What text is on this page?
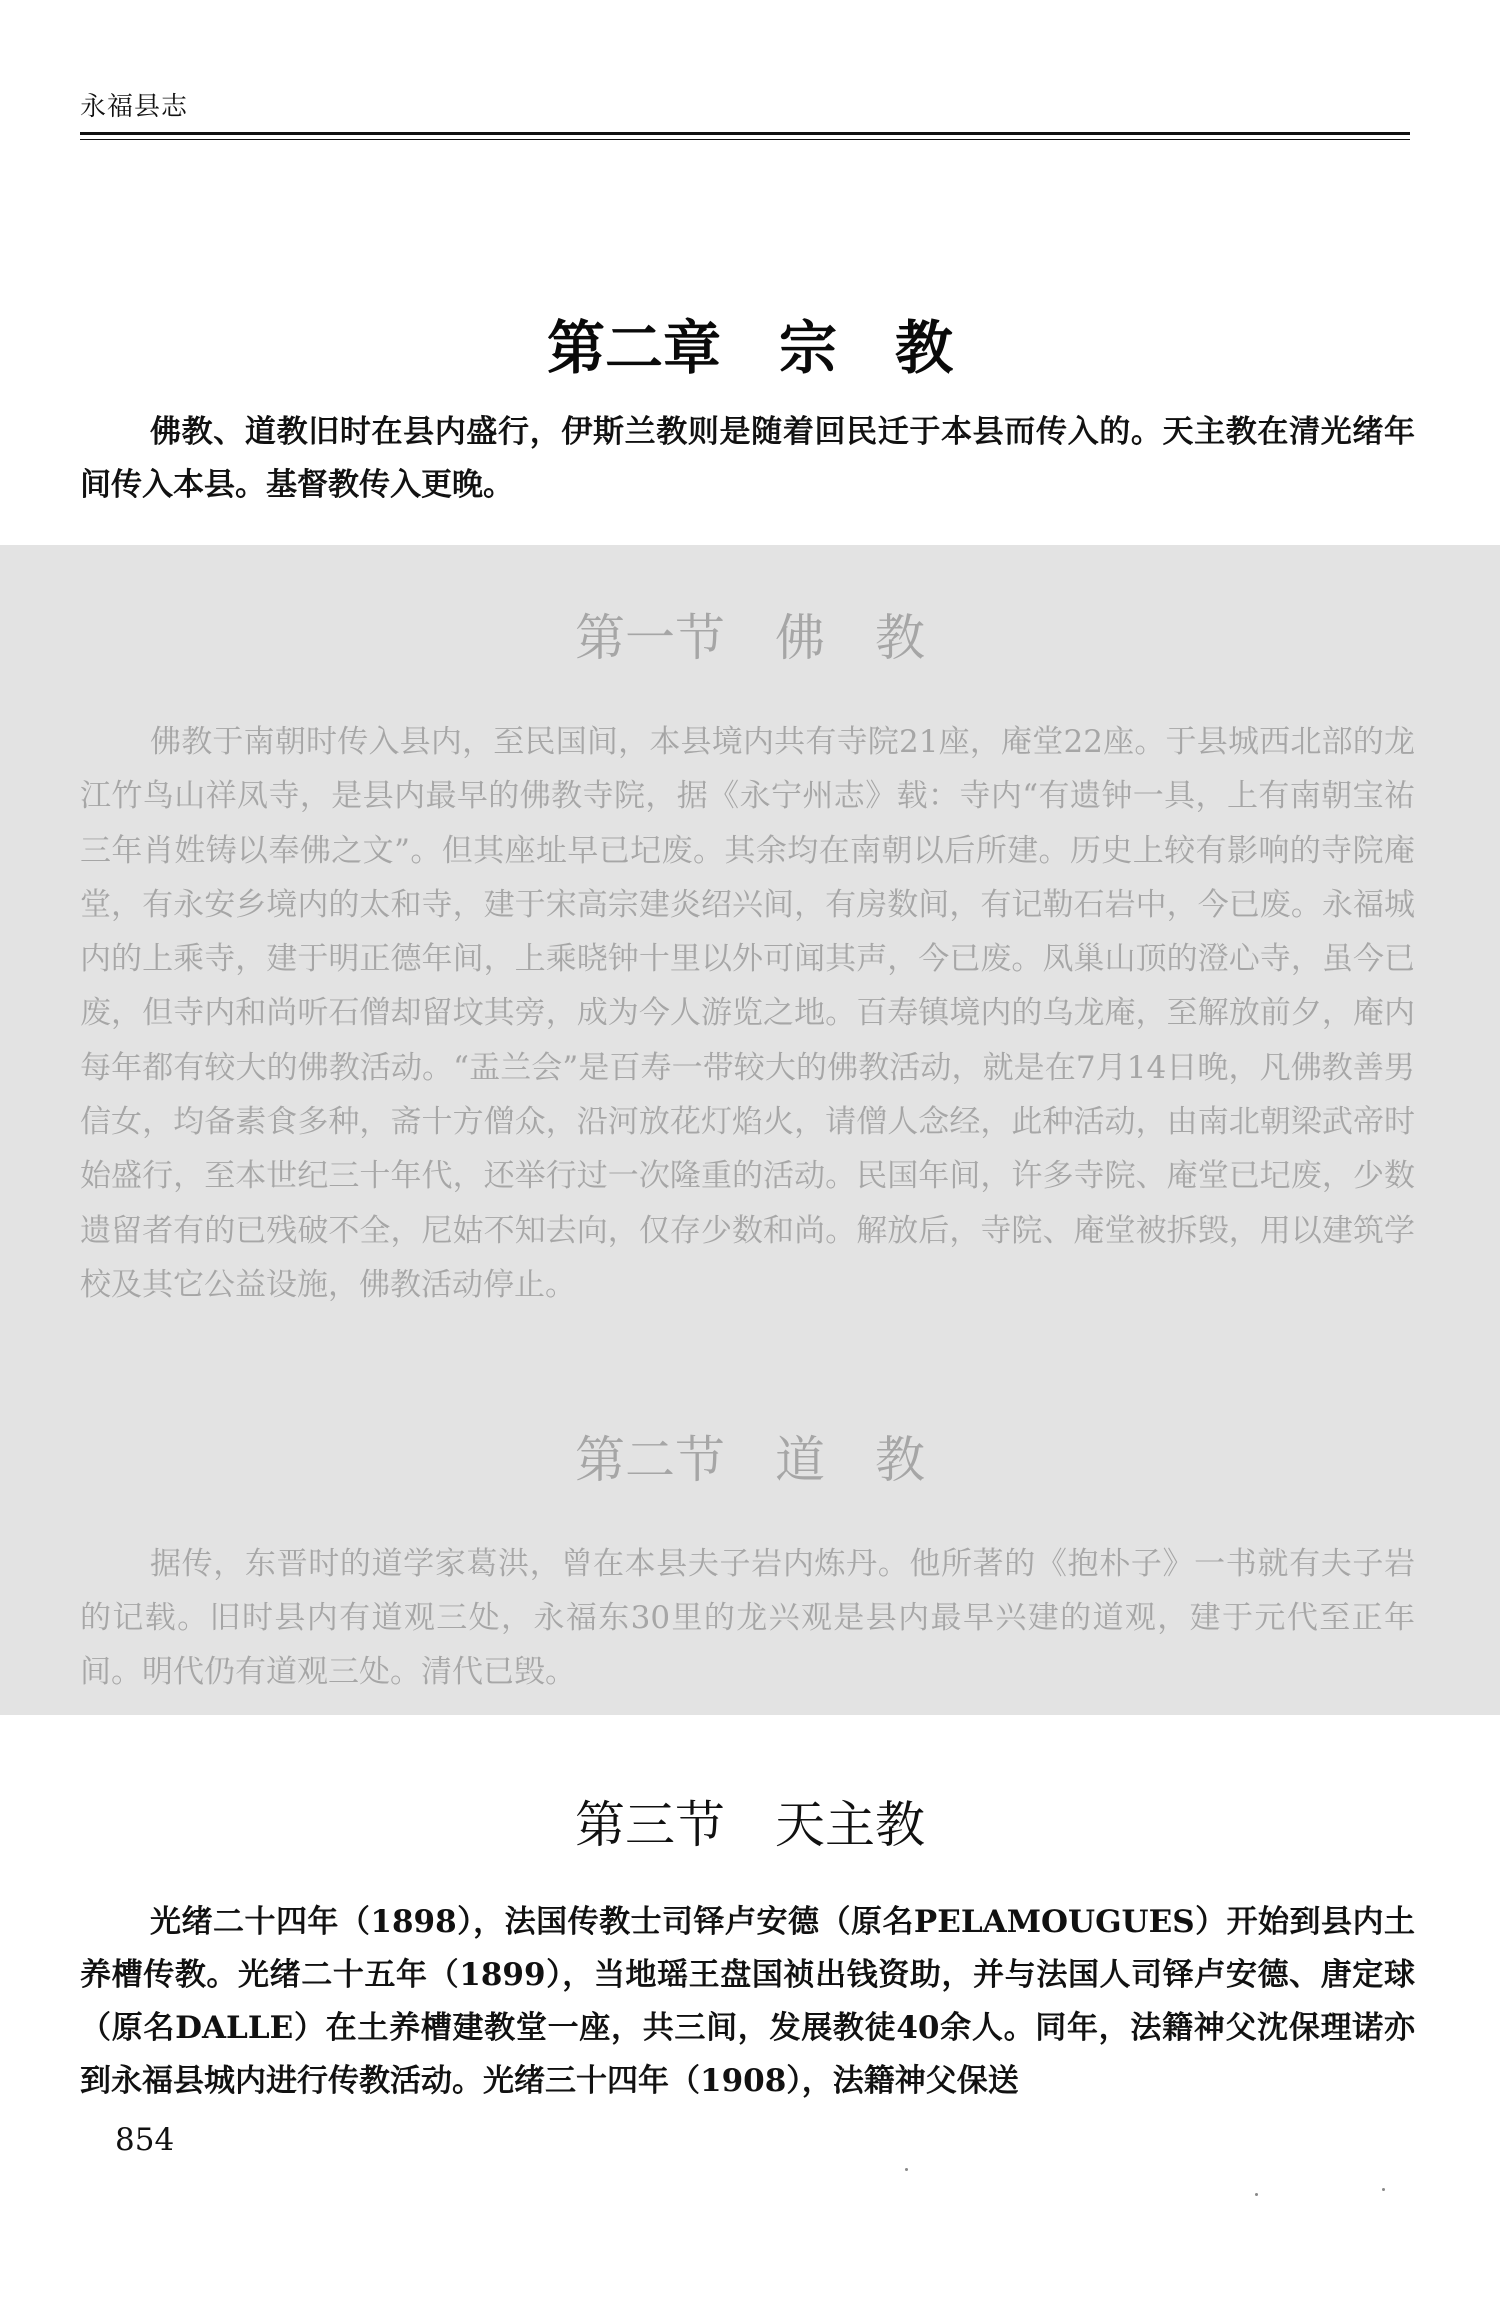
永福县志
第二章　宗　教

佛教、道教旧时在县内盛行，伊斯兰教则是随着回民迁于本县而传入的。天主教在清光绪年间传入本县。基督教传入更晚。

第一节　佛　教

佛教于南朝时传入县内，至民国间，本县境内共有寺院21座，庵堂22座。于县城西北部的龙江竹鸟山祥凤寺，是县内最早的佛教寺院，据《永宁州志》载：寺内“有遗钟一具，上有南朝宝祐三年肖姓铸以奉佛之文”。但其座址早已圮废。其余均在南朝以后所建。历史上较有影响的寺院庵堂，有永安乡境内的太和寺，建于宋高宗建炎绍兴间，有房数间，有记勒石岩中，今已废。永福城内的上乘寺，建于明正德年间，上乘晓钟十里以外可闻其声，今已废。凤巢山顶的澄心寺，虽今已废，但寺内和尚听石僧却留坟其旁，成为今人游览之地。百寿镇境内的乌龙庵，至解放前夕，庵内每年都有较大的佛教活动。“盂兰会”是百寿一带较大的佛教活动，就是在7月14日晚，凡佛教善男信女，均备素食多种，斋十方僧众，沿河放花灯焰火，请僧人念经，此种活动，由南北朝梁武帝时始盛行，至本世纪三十年代，还举行过一次隆重的活动。民国年间，许多寺院、庵堂已圮废，少数遗留者有的已残破不全，尼姑不知去向，仅存少数和尚。解放后，寺院、庵堂被拆毁，用以建筑学校及其它公益设施，佛教活动停止。

第二节　道　教

据传，东晋时的道学家葛洪，曾在本县夫子岩内炼丹。他所著的《抱朴子》一书就有夫子岩的记载。旧时县内有道观三处，永福东30里的龙兴观是县内最早兴建的道观，建于元代至正年间。明代仍有道观三处。清代已毁。

第三节　天主教

光绪二十四年（1898），法国传教士司铎卢安德（原名PELAMOUGUES）开始到县内土养槽传教。光绪二十五年（1899），当地瑶王盘国祯出钱资助，并与法国人司铎卢安德、唐定球（原名DALLE）在土养槽建教堂一座，共三间，发展教徒40余人。同年，法籍神父沈保理诺亦到永福县城内进行传教活动。光绪三十四年（1908），法籍神父保送

854
